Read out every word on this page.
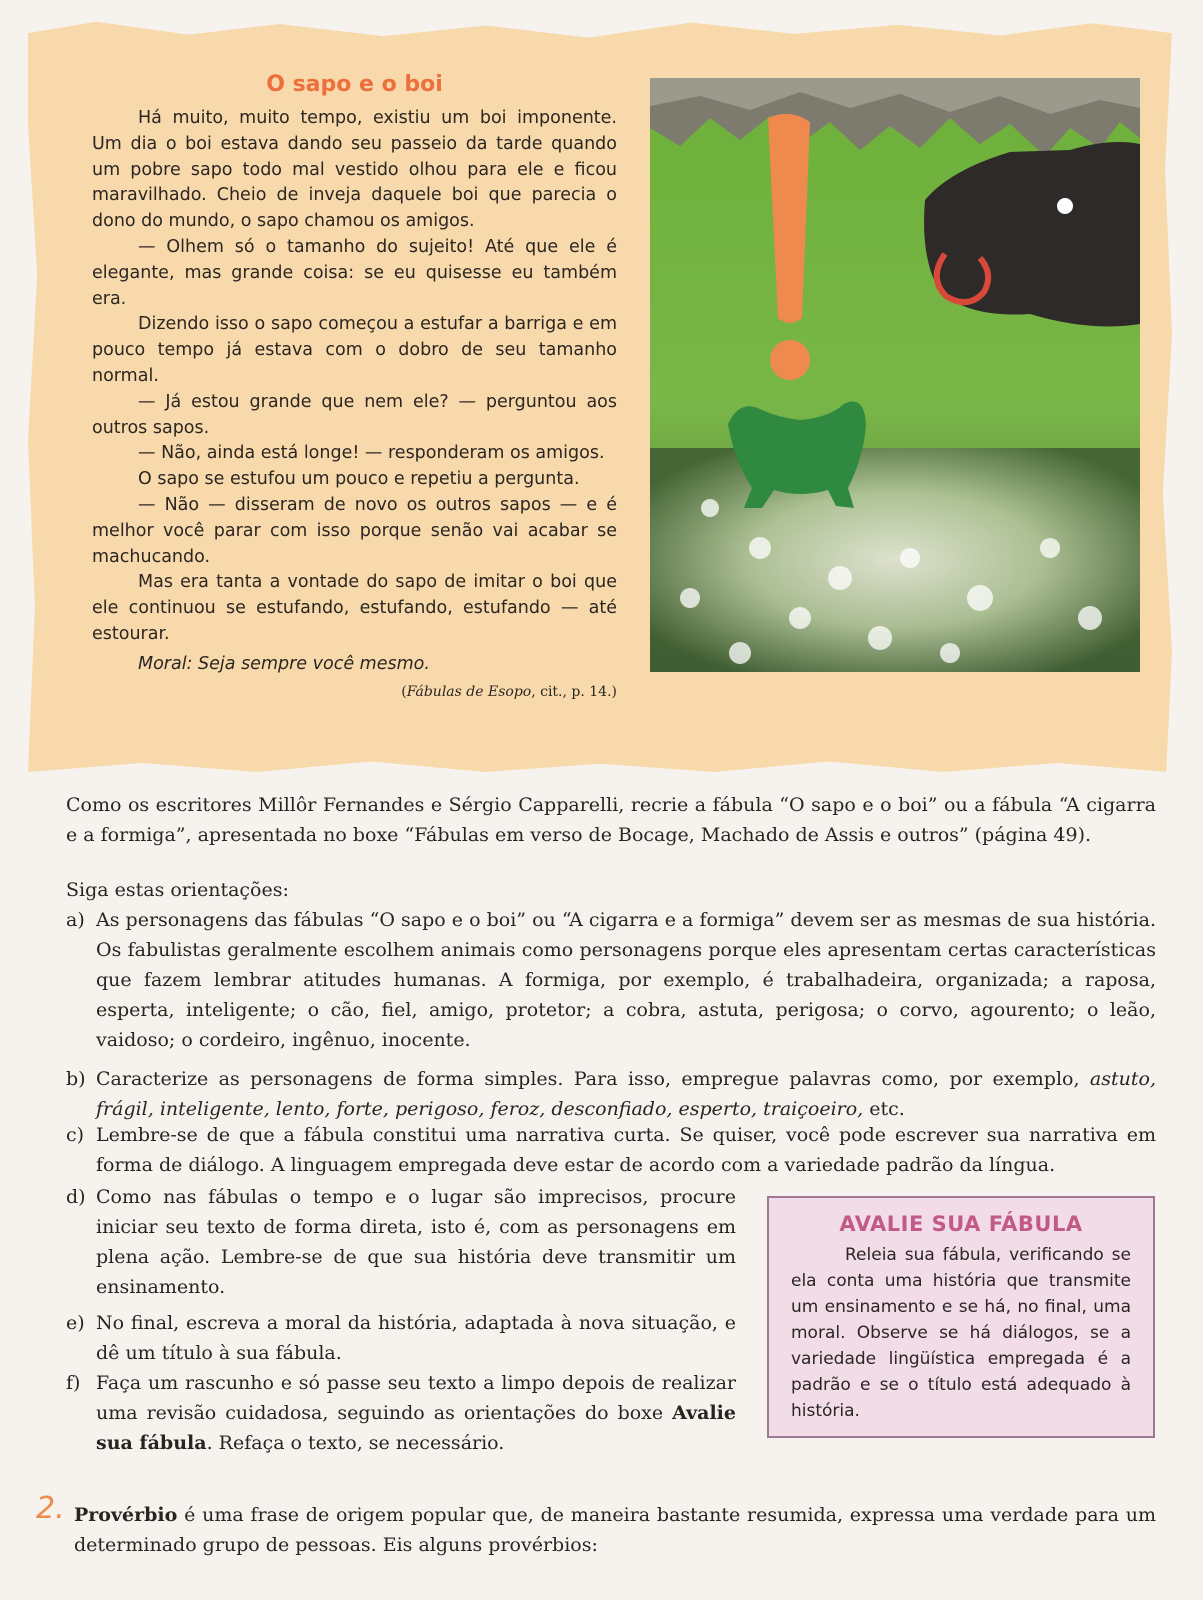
O sapo e o boi

Há muito, muito tempo, existiu um boi imponente. Um dia o boi estava dando seu passeio da tarde quando um pobre sapo todo mal vestido olhou para ele e ficou maravilhado. Cheio de inveja daquele boi que parecia o dono do mundo, o sapo chamou os amigos.

— Olhem só o tamanho do sujeito! Até que ele é elegante, mas grande coisa: se eu quisesse eu também era.

Dizendo isso o sapo começou a estufar a barriga e em pouco tempo já estava com o dobro de seu tamanho normal.

— Já estou grande que nem ele? — perguntou aos outros sapos.

— Não, ainda está longe! — responderam os amigos.

O sapo se estufou um pouco e repetiu a pergunta.

— Não — disseram de novo os outros sapos — e é melhor você parar com isso porque senão vai acabar se machucando.

Mas era tanta a vontade do sapo de imitar o boi que ele continuou se estufando, estufando, estufando — até estourar.

Moral: Seja sempre você mesmo.

(Fábulas de Esopo, cit., p. 14.)

Como os escritores Millôr Fernandes e Sérgio Capparelli, recrie a fábula “O sapo e o boi” ou a fábula “A cigarra e a formiga”, apresentada no boxe “Fábulas em verso de Bocage, Machado de Assis e outros” (página 49).

Siga estas orientações:

a) As personagens das fábulas “O sapo e o boi” ou “A cigarra e a formiga” devem ser as mesmas de sua história. Os fabulistas geralmente escolhem animais como personagens porque eles apresentam certas características que fazem lembrar atitudes humanas. A formiga, por exemplo, é trabalhadeira, organizada; a raposa, esperta, inteligente; o cão, fiel, amigo, protetor; a cobra, astuta, perigosa; o corvo, agourento; o leão, vaidoso; o cordeiro, ingênuo, inocente.
b) Caracterize as personagens de forma simples. Para isso, empregue palavras como, por exemplo, astuto, frágil, inteligente, lento, forte, perigoso, feroz, desconfiado, esperto, traiçoeiro, etc.
c) Lembre-se de que a fábula constitui uma narrativa curta. Se quiser, você pode escrever sua narrativa em forma de diálogo. A linguagem empregada deve estar de acordo com a variedade padrão da língua.
d) Como nas fábulas o tempo e o lugar são imprecisos, procure iniciar seu texto de forma direta, isto é, com as personagens em plena ação. Lembre-se de que sua história deve transmitir um ensinamento.
e) No final, escreva a moral da história, adaptada à nova situação, e dê um título à sua fábula.
f) Faça um rascunho e só passe seu texto a limpo depois de realizar uma revisão cuidadosa, seguindo as orientações do boxe Avalie sua fábula. Refaça o texto, se necessário.
AVALIE SUA FÁBULA

Releia sua fábula, verificando se ela conta uma história que transmite um ensinamento e se há, no final, uma moral. Observe se há diálogos, se a variedade lingüística empregada é a padrão e se o título está adequado à história.

2. Provérbio é uma frase de origem popular que, de maneira bastante resumida, expressa uma verdade para um determinado grupo de pessoas. Eis alguns provérbios:
